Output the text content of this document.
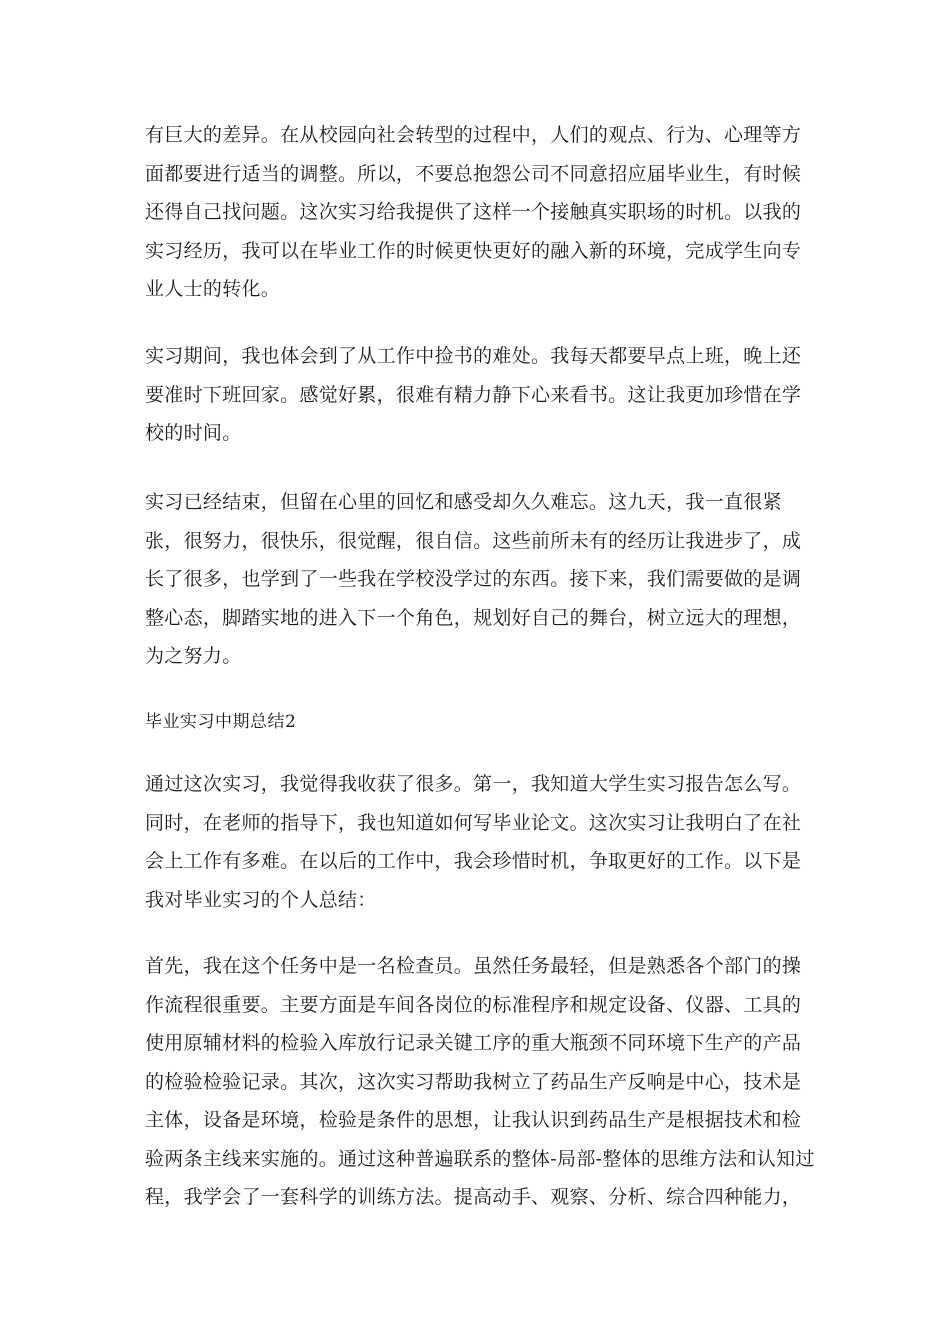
有巨大的差异。在从校园向社会转型的过程中，人们的观点、行为、心理等方面都要进行适当的调整。所以，不要总抱怨公司不同意招应届毕业生，有时候还得自己找问题。这次实习给我提供了这样一个接触真实职场的时机。以我的实习经历，我可以在毕业工作的时候更快更好的融入新的环境，完成学生向专业人士的转化。

实习期间，我也体会到了从工作中捡书的难处。我每天都要早点上班，晚上还要准时下班回家。感觉好累，很难有精力静下心来看书。这让我更加珍惜在学校的时间。

实习已经结束，但留在心里的回忆和感受却久久难忘。这九天，我一直很紧张，很努力，很快乐，很觉醒，很自信。这些前所未有的经历让我进步了，成长了很多，也学到了一些我在学校没学过的东西。接下来，我们需要做的是调整心态，脚踏实地的进入下一个角色，规划好自己的舞台，树立远大的理想，为之努力。

毕业实习中期总结2

通过这次实习，我觉得我收获了很多。第一，我知道大学生实习报告怎么写。同时，在老师的指导下，我也知道如何写毕业论文。这次实习让我明白了在社会上工作有多难。在以后的工作中，我会珍惜时机，争取更好的工作。以下是我对毕业实习的个人总结：

首先，我在这个任务中是一名检查员。虽然任务最轻，但是熟悉各个部门的操作流程很重要。主要方面是车间各岗位的标准程序和规定设备、仪器、工具的使用原辅材料的检验入库放行记录关键工序的重大瓶颈不同环境下生产的产品的检验检验记录。其次，这次实习帮助我树立了药品生产反响是中心，技术是主体，设备是环境，检验是条件的思想，让我认识到药品生产是根据技术和检验两条主线来实施的。通过这种普遍联系的整体-局部-整体的思维方法和认知过程，我学会了一套科学的训练方法。提高动手、观察、分析、综合四种能力，
